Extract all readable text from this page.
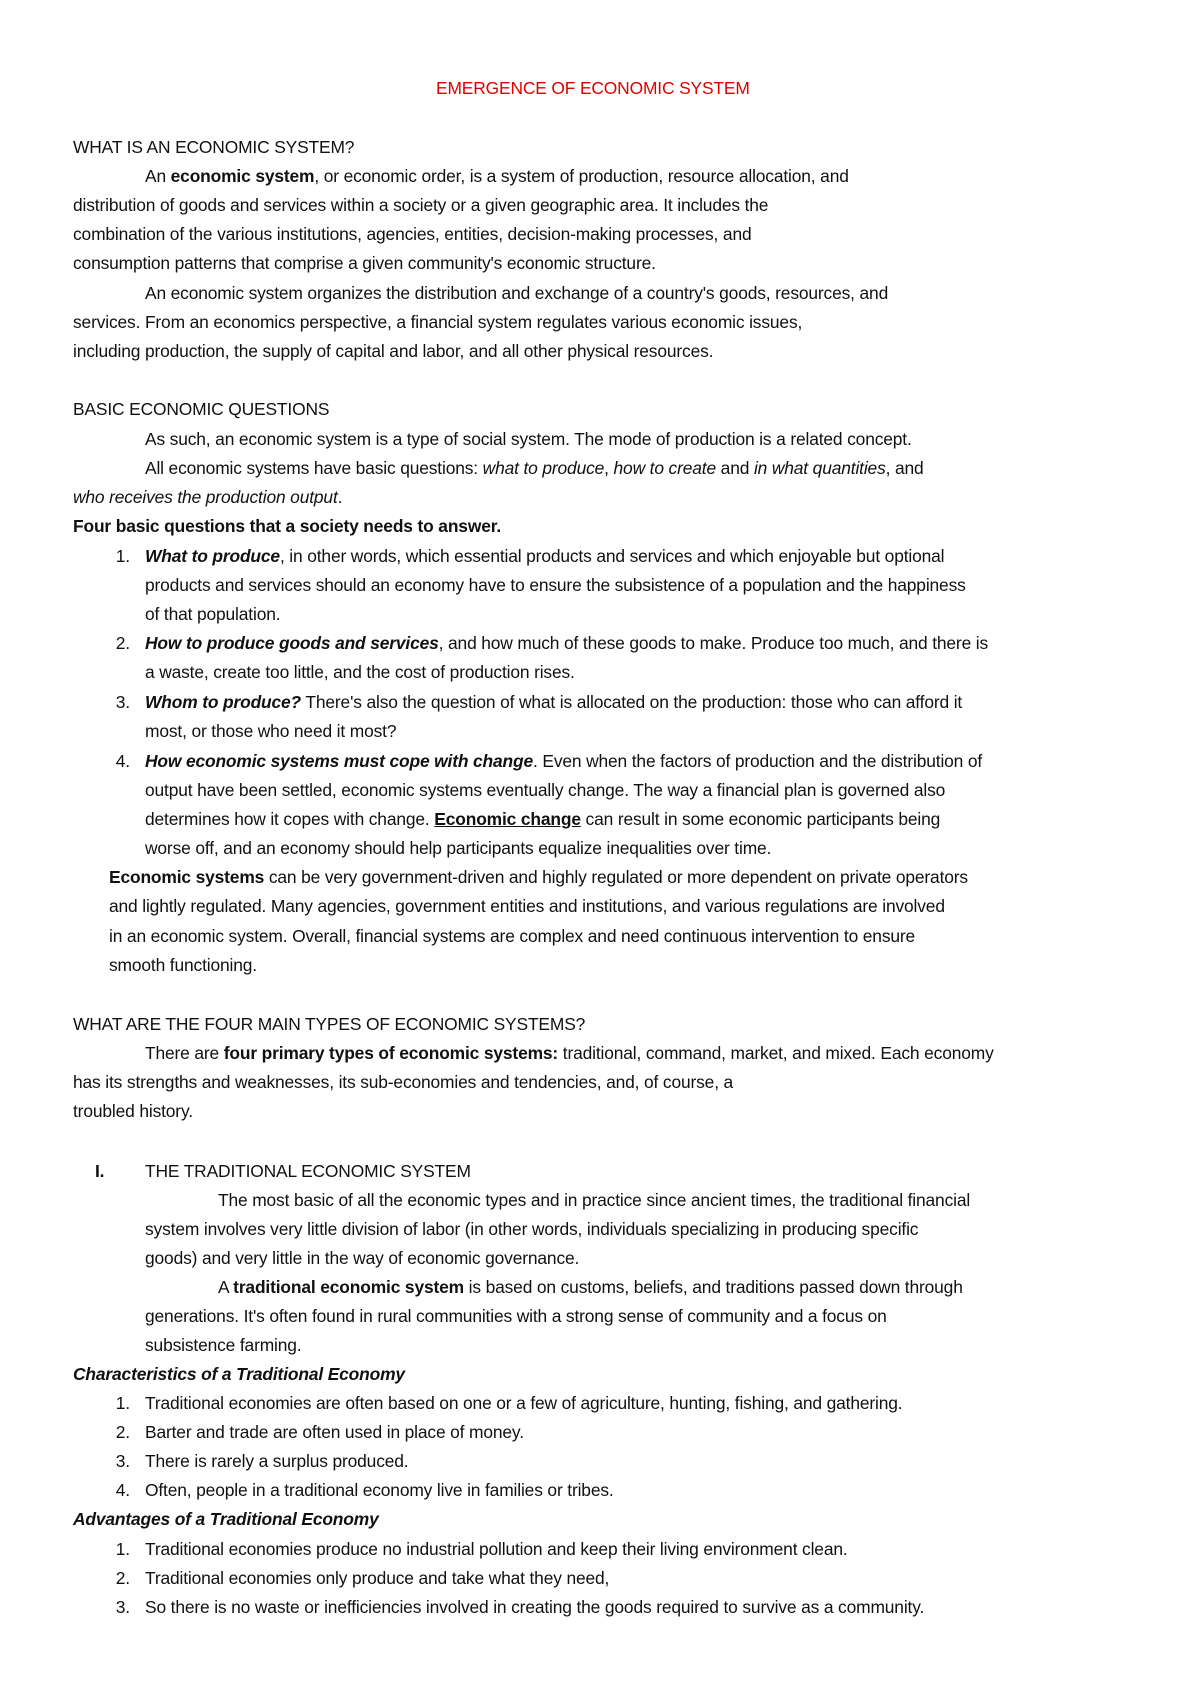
EMERGENCE OF ECONOMIC SYSTEM
WHAT IS AN ECONOMIC SYSTEM?
An economic system, or economic order, is a system of production, resource allocation, and
distribution of goods and services within a society or a given geographic area. It includes the
combination of the various institutions, agencies, entities, decision-making processes, and
consumption patterns that comprise a given community's economic structure.
An economic system organizes the distribution and exchange of a country's goods, resources, and
services. From an economics perspective, a financial system regulates various economic issues,
including production, the supply of capital and labor, and all other physical resources.
BASIC ECONOMIC QUESTIONS
As such, an economic system is a type of social system. The mode of production is a related concept.
All economic systems have basic questions: what to produce, how to create and in what quantities, and
who receives the production output.
Four basic questions that a society needs to answer.
1. What to produce, in other words, which essential products and services and which enjoyable but optional
products and services should an economy have to ensure the subsistence of a population and the happiness
of that population.
2. How to produce goods and services, and how much of these goods to make. Produce too much, and there is
a waste, create too little, and the cost of production rises.
3. Whom to produce? There's also the question of what is allocated on the production: those who can afford it
most, or those who need it most?
4. How economic systems must cope with change. Even when the factors of production and the distribution of
output have been settled, economic systems eventually change. The way a financial plan is governed also
determines how it copes with change. Economic change can result in some economic participants being
worse off, and an economy should help participants equalize inequalities over time.
Economic systems can be very government-driven and highly regulated or more dependent on private operators
and lightly regulated. Many agencies, government entities and institutions, and various regulations are involved
in an economic system. Overall, financial systems are complex and need continuous intervention to ensure
smooth functioning.
WHAT ARE THE FOUR MAIN TYPES OF ECONOMIC SYSTEMS?
There are four primary types of economic systems: traditional, command, market, and mixed. Each economy
has its strengths and weaknesses, its sub-economies and tendencies, and, of course, a
troubled history.
I. THE TRADITIONAL ECONOMIC SYSTEM
The most basic of all the economic types and in practice since ancient times, the traditional financial
system involves very little division of labor (in other words, individuals specializing in producing specific
goods) and very little in the way of economic governance.
A traditional economic system is based on customs, beliefs, and traditions passed down through
generations. It's often found in rural communities with a strong sense of community and a focus on
subsistence farming.
Characteristics of a Traditional Economy
1. Traditional economies are often based on one or a few of agriculture, hunting, fishing, and gathering.
2. Barter and trade are often used in place of money.
3. There is rarely a surplus produced.
4. Often, people in a traditional economy live in families or tribes.
Advantages of a Traditional Economy
1. Traditional economies produce no industrial pollution and keep their living environment clean.
2. Traditional economies only produce and take what they need,
3. So there is no waste or inefficiencies involved in creating the goods required to survive as a community.
